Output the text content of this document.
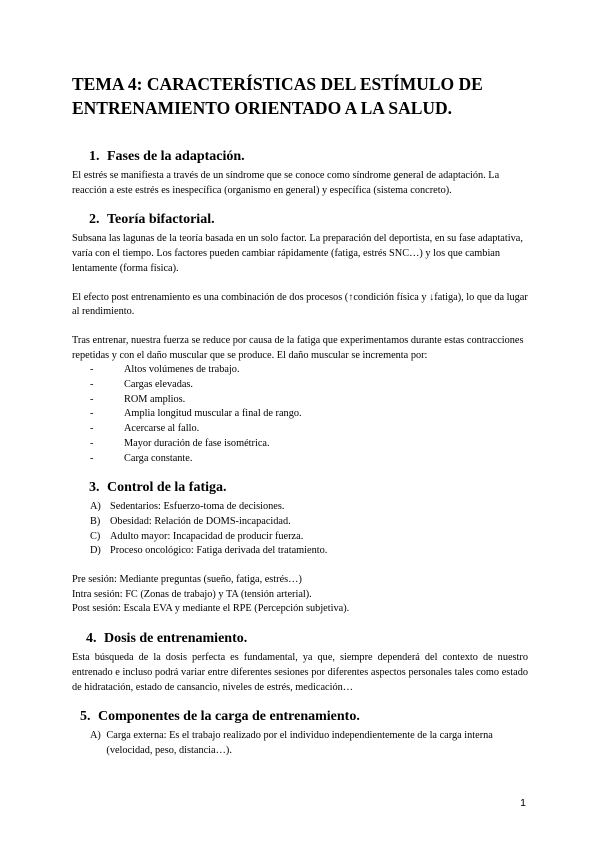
TEMA 4: CARACTERÍSTICAS DEL ESTÍMULO DE ENTRENAMIENTO ORIENTADO A LA SALUD.
1. Fases de la adaptación.

El estrés se manifiesta a través de un síndrome que se conoce como síndrome general de adaptación. La reacción a este estrés es inespecífica (organismo en general) y específica (sistema concreto).

2. Teoría bifactorial.

Subsana las lagunas de la teoría basada en un solo factor. La preparación del deportista, en su fase adaptativa, varía con el tiempo. Los factores pueden cambiar rápidamente (fatiga, estrés SNC…) y los que cambian lentamente (forma física).

El efecto post entrenamiento es una combinación de dos procesos (↑condición física y ↓fatiga), lo que da lugar al rendimiento.

Tras entrenar, nuestra fuerza se reduce por causa de la fatiga que experimentamos durante estas contracciones repetidas y con el daño muscular que se produce. El daño muscular se incrementa por:

-	Altos volúmenes de trabajo.
-	Cargas elevadas.
-	ROM amplios.
-	Amplia longitud muscular a final de rango.
-	Acercarse al fallo.
-	Mayor duración de fase isométrica.
-	Carga constante.
3. Control de la fatiga.
A) Sedentarios: Esfuerzo-toma de decisiones.
B) Obesidad: Relación de DOMS-incapacidad.
C) Adulto mayor: Incapacidad de producir fuerza.
D) Proceso oncológico: Fatiga derivada del tratamiento.

Pre sesión: Mediante preguntas (sueño, fatiga, estrés…)

Intra sesión: FC (Zonas de trabajo) y TA (tensión arterial).

Post sesión: Escala EVA y mediante el RPE (Percepción subjetiva).

4. Dosis de entrenamiento.

Esta búsqueda de la dosis perfecta es fundamental, ya que, siempre dependerá del contexto de nuestro entrenado e incluso podrá variar entre diferentes sesiones por diferentes aspectos personales tales como estado de hidratación, estado de cansancio, niveles de estrés, medicación…

5. Componentes de la carga de entrenamiento.
A) Carga externa: Es el trabajo realizado por el individuo independientemente de la carga interna (velocidad, peso, distancia…).
1
